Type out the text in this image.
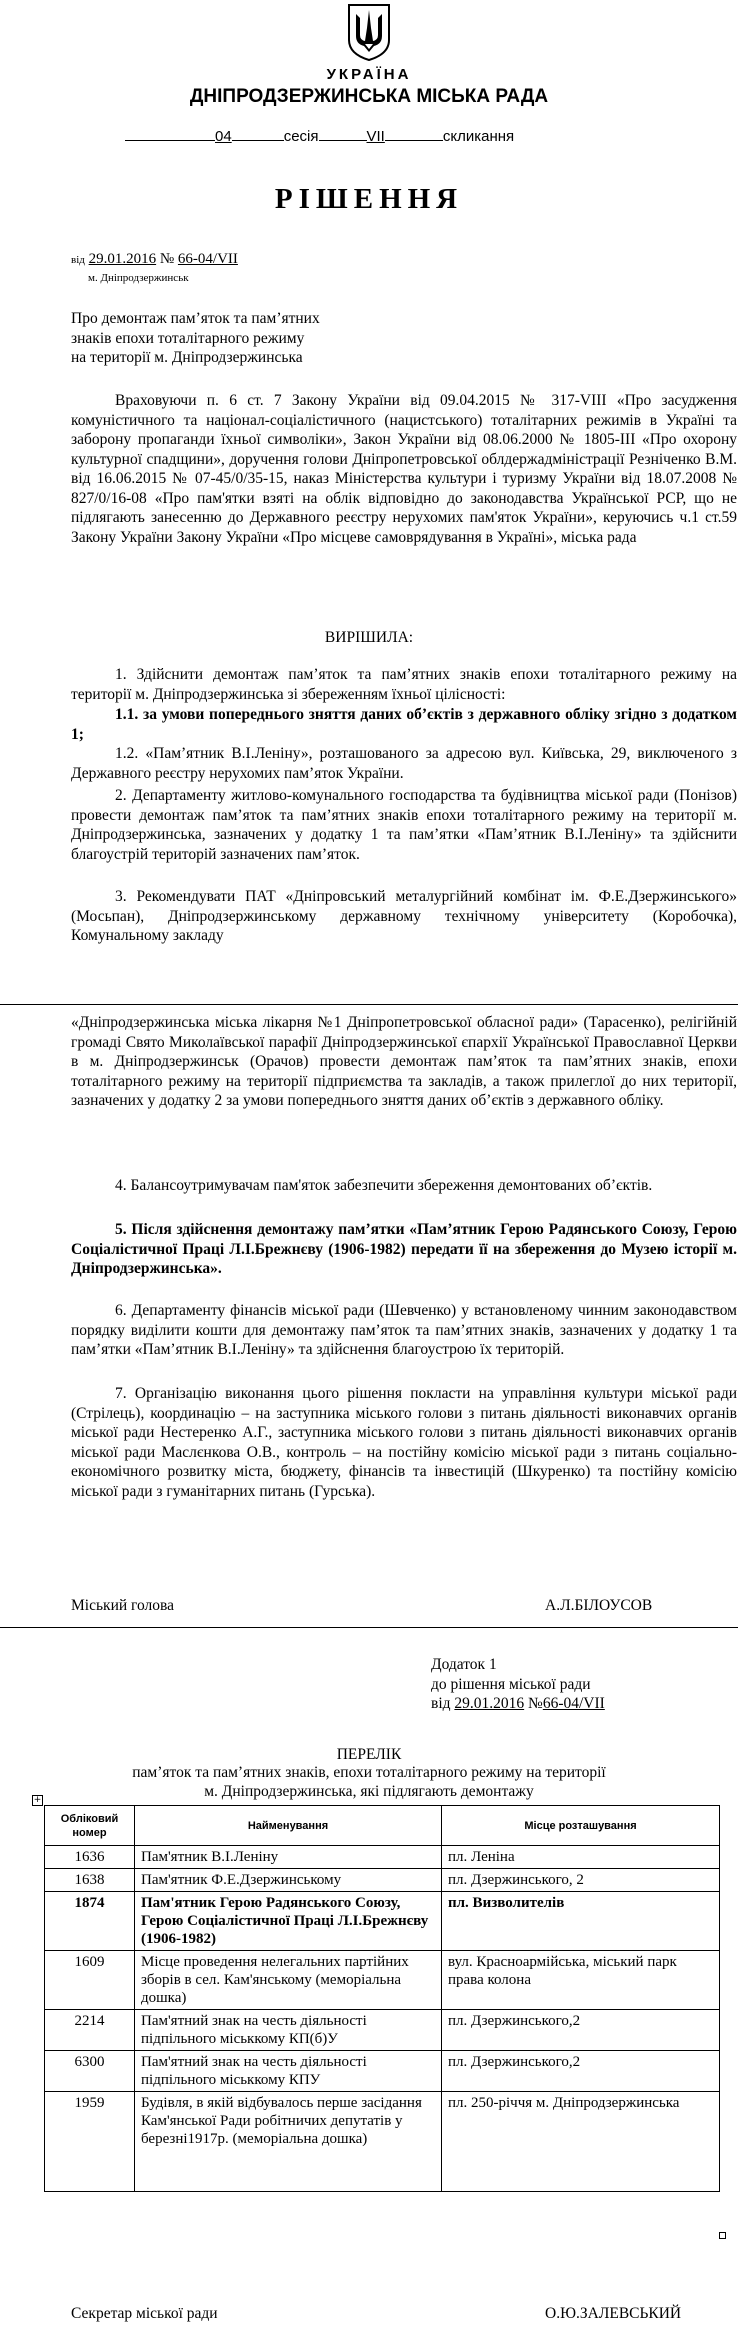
УКРАЇНА
ДНІПРОДЗЕРЖИНСЬКА МІСЬКА РАДА
04	сесія	VII	скликання
РІШЕННЯ
від 29.01.2016 № 66-04/VII
м. Дніпродзержинськ
Про демонтаж пам’яток та пам’ятних
знаків епохи тоталітарного режиму
на території м. Дніпродзержинська
Враховуючи п. 6 ст. 7 Закону України від 09.04.2015 № 317-VIII «Про засудження комуністичного та націонал-соціалістичного (нацистського) тоталітарних режимів в Україні та заборону пропаганди їхньої символіки», Закон України від 08.06.2000 № 1805-ІІІ «Про охорону культурної спадщини», доручення голови Дніпропетровської облдержадміністрації Резніченко В.М. від 16.06.2015 № 07-45/0/35-15, наказ Міністерства культури і туризму України від 18.07.2008 № 827/0/16-08 «Про пам'ятки взяті на облік відповідно до законодавства Української РСР, що не підлягають занесенню до Державного реєстру нерухомих пам'яток України», керуючись ч.1 ст.59 Закону України Закону України «Про місцеве самоврядування в Україні», міська рада
ВИРІШИЛА:
1. Здійснити демонтаж пам’яток та пам’ятних знаків епохи тоталітарного режиму на території м. Дніпродзержинська зі збереженням їхньої цілісності:
1.1. за умови попереднього зняття даних об’єктів з державного обліку згідно з додатком 1;
1.2. «Пам’ятник В.І.Леніну», розташованого за адресою вул. Київська, 29, виключеного з Державного реєстру нерухомих пам’яток України.
2. Департаменту житлово-комунального господарства та будівництва міської ради (Понізов) провести демонтаж пам’яток та пам’ятних знаків епохи тоталітарного режиму на території м. Дніпродзержинська, зазначених у додатку 1 та пам’ятки «Пам’ятник В.І.Леніну» та здійснити благоустрій територій зазначених пам’яток.
3. Рекомендувати ПАТ «Дніпровський металургійний комбінат ім. Ф.Е.Дзержинського» (Мосьпан), Дніпродзержинському державному технічному університету (Коробочка), Комунальному закладу
«Дніпродзержинська міська лікарня №1 Дніпропетровської обласної ради» (Тарасенко), релігійній громаді Свято Миколаївської парафії Дніпродзержинської єпархії Української Православної Церкви в м. Дніпродзержинськ (Орачов) провести демонтаж пам’яток та пам’ятних знаків, епохи тоталітарного режиму на території підприємства та закладів, а також прилеглої до них території, зазначених у додатку 2 за умови попереднього зняття даних об’єктів з державного обліку.
4. Балансоутримувачам пам'яток забезпечити збереження демонтованих об’єктів.
5. Після здійснення демонтажу пам’ятки «Пам’ятник Герою Радянського Союзу, Герою Соціалістичної Праці Л.І.Брежнєву (1906-1982) передати її на збереження до Музею історії м. Дніпродзержинська».
6. Департаменту фінансів міської ради (Шевченко) у встановленому чинним законодавством порядку виділити кошти для демонтажу пам’яток та пам’ятних знаків, зазначених у додатку 1 та пам’ятки «Пам’ятник В.І.Леніну» та здійснення благоустрою їх територій.
7. Організацію виконання цього рішення покласти на управління культури міської ради (Стрілець), координацію – на заступника міського голови з питань діяльності виконавчих органів міської ради Нестеренко А.Г., заступника міського голови з питань діяльності виконавчих органів міської ради Маслєнкова О.В., контроль – на постійну комісію міської ради з питань соціально-економічного розвитку міста, бюджету, фінансів та інвестицій (Шкуренко) та постійну комісію міської ради з гуманітарних питань (Гурська).
Міський голова	А.Л.БІЛОУСОВ
Додаток 1
до рішення міської ради
від 29.01.2016 №66-04/VII
ПЕРЕЛІК
пам’яток та пам’ятних знаків, епохи тоталітарного режиму на території
м. Дніпродзержинська, які підлягають демонтажу
+
Обліковий номер	Найменування	Місце розташування
1636	Пам'ятник В.І.Леніну	пл. Леніна
1638	Пам'ятник Ф.Е.Дзержинському	пл. Дзержинського, 2
1874	Пам'ятник Герою Радянського Союзу, Герою Соціалістичної Праці Л.І.Брежнєву (1906-1982)	пл. Визволителів
1609	Місце проведення нелегальних партійних зборів в сел. Кам'янському (меморіальна дошка)	вул. Красноармійська, міський парк права колона
2214	Пам'ятний знак на честь діяльності підпільного міськкому КП(б)У	пл. Дзержинського,2
6300	Пам'ятний знак на честь діяльності підпільного міськкому КПУ	пл. Дзержинського,2
1959	Будівля, в якій відбувалось перше засідання Кам'янської Ради робітничих депутатів у березні1917р. (меморіальна дошка)	пл. 250-річчя м. Дніпродзержинська
Секретар міської ради	О.Ю.ЗАЛЕВСЬКИЙ
